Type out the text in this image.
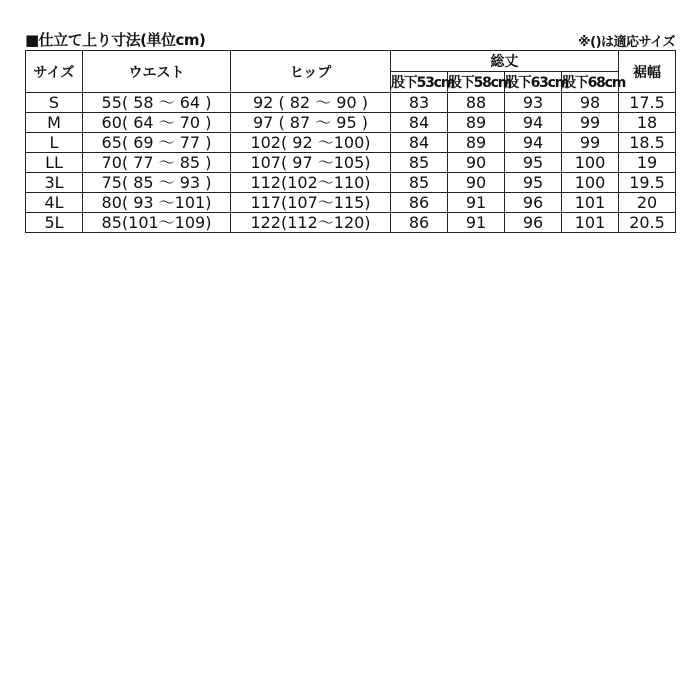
■仕立て上り寸法(単位cm)	※()は適応サイズ
サイズ	ウエスト	ヒップ	総丈				裾幅
			股下53cm	股下58cm	股下63cm	股下68cm	
S	55( 58 ～ 64 )	92 ( 82 ～ 90 )	83	88	93	98	17.5
M	60( 64 ～ 70 )	97 ( 87 ～ 95 )	84	89	94	99	18
L	65( 69 ～ 77 )	102( 92 ～100)	84	89	94	99	18.5
LL	70( 77 ～ 85 )	107( 97 ～105)	85	90	95	100	19
3L	75( 85 ～ 93 )	112(102～110)	85	90	95	100	19.5
4L	80( 93 ～101)	117(107～115)	86	91	96	101	20
5L	85(101～109)	122(112～120)	86	91	96	101	20.5
